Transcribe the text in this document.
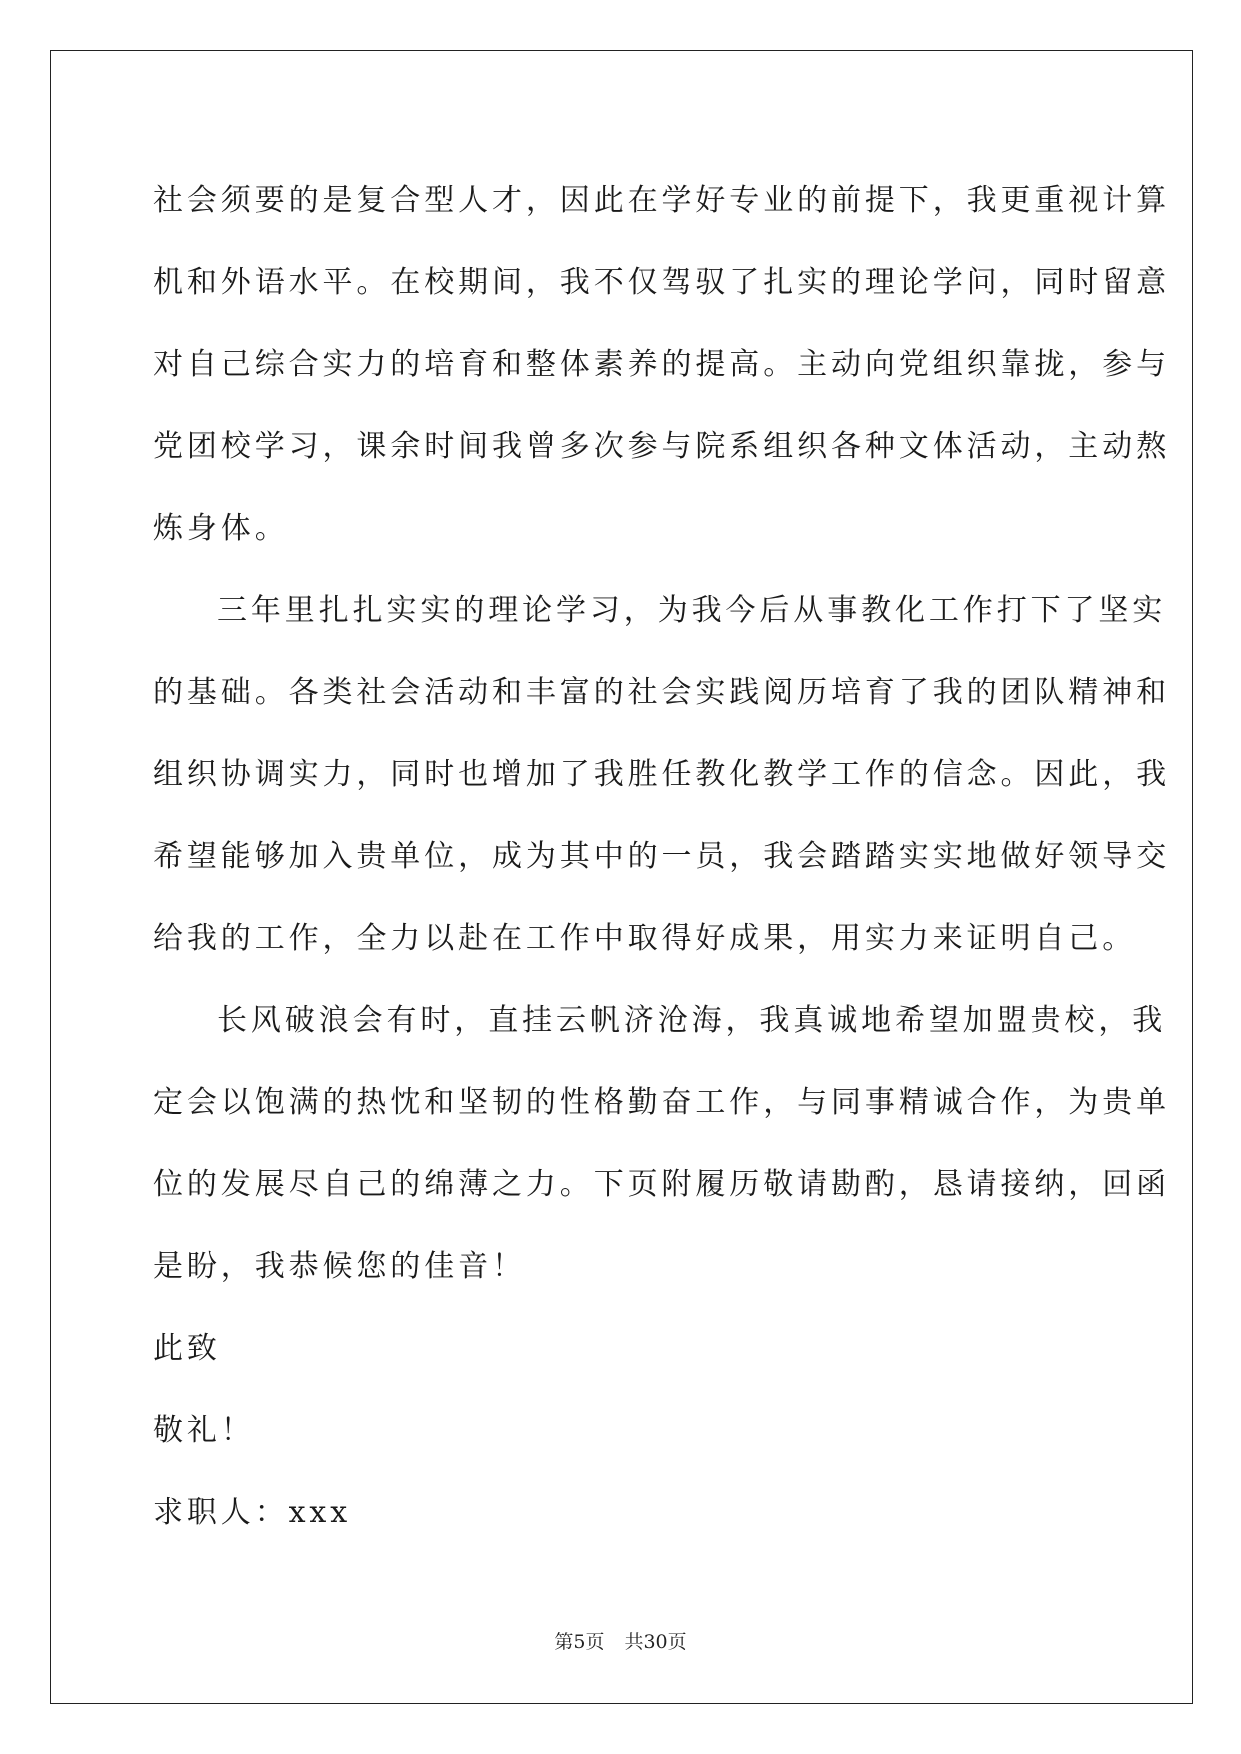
社会须要的是复合型人才，因此在学好专业的前提下，我更重视计算
机和外语水平。在校期间，我不仅驾驭了扎实的理论学问，同时留意
对自己综合实力的培育和整体素养的提高。主动向党组织靠拢，参与
党团校学习，课余时间我曾多次参与院系组织各种文体活动，主动熬
炼身体。
三年里扎扎实实的理论学习，为我今后从事教化工作打下了坚实
的基础。各类社会活动和丰富的社会实践阅历培育了我的团队精神和
组织协调实力，同时也增加了我胜任教化教学工作的信念。因此，我
希望能够加入贵单位，成为其中的一员，我会踏踏实实地做好领导交
给我的工作，全力以赴在工作中取得好成果，用实力来证明自己。
长风破浪会有时，直挂云帆济沧海，我真诚地希望加盟贵校，我
定会以饱满的热忱和坚韧的性格勤奋工作，与同事精诚合作，为贵单
位的发展尽自己的绵薄之力。下页附履历敬请勘酌，恳请接纳，回函
是盼，我恭候您的佳音！
此致
敬礼！
求职人：xxx
第5页 共30页
